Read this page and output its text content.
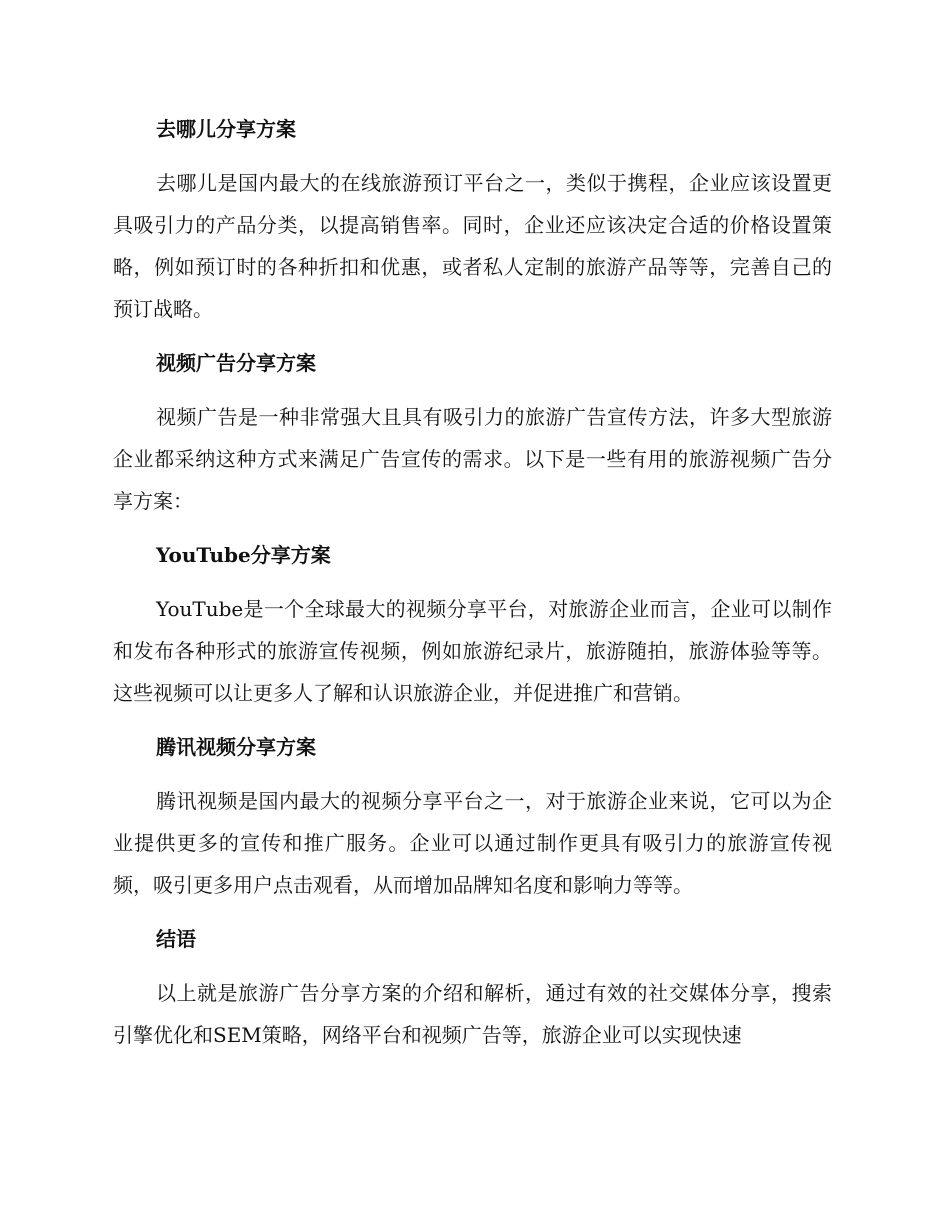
去哪儿分享方案

去哪儿是国内最大的在线旅游预订平台之一，类似于携程，企业应该设置更具吸引力的产品分类，以提高销售率。同时，企业还应该决定合适的价格设置策略，例如预订时的各种折扣和优惠，或者私人定制的旅游产品等等，完善自己的预订战略。

视频广告分享方案

视频广告是一种非常强大且具有吸引力的旅游广告宣传方法，许多大型旅游企业都采纳这种方式来满足广告宣传的需求。以下是一些有用的旅游视频广告分享方案：

YouTube分享方案

YouTube是一个全球最大的视频分享平台，对旅游企业而言，企业可以制作和发布各种形式的旅游宣传视频，例如旅游纪录片，旅游随拍，旅游体验等等。这些视频可以让更多人了解和认识旅游企业，并促进推广和营销。

腾讯视频分享方案

腾讯视频是国内最大的视频分享平台之一，对于旅游企业来说，它可以为企业提供更多的宣传和推广服务。企业可以通过制作更具有吸引力的旅游宣传视频，吸引更多用户点击观看，从而增加品牌知名度和影响力等等。

结语

以上就是旅游广告分享方案的介绍和解析，通过有效的社交媒体分享，搜索引擎优化和SEM策略，网络平台和视频广告等，旅游企业可以实现快速
